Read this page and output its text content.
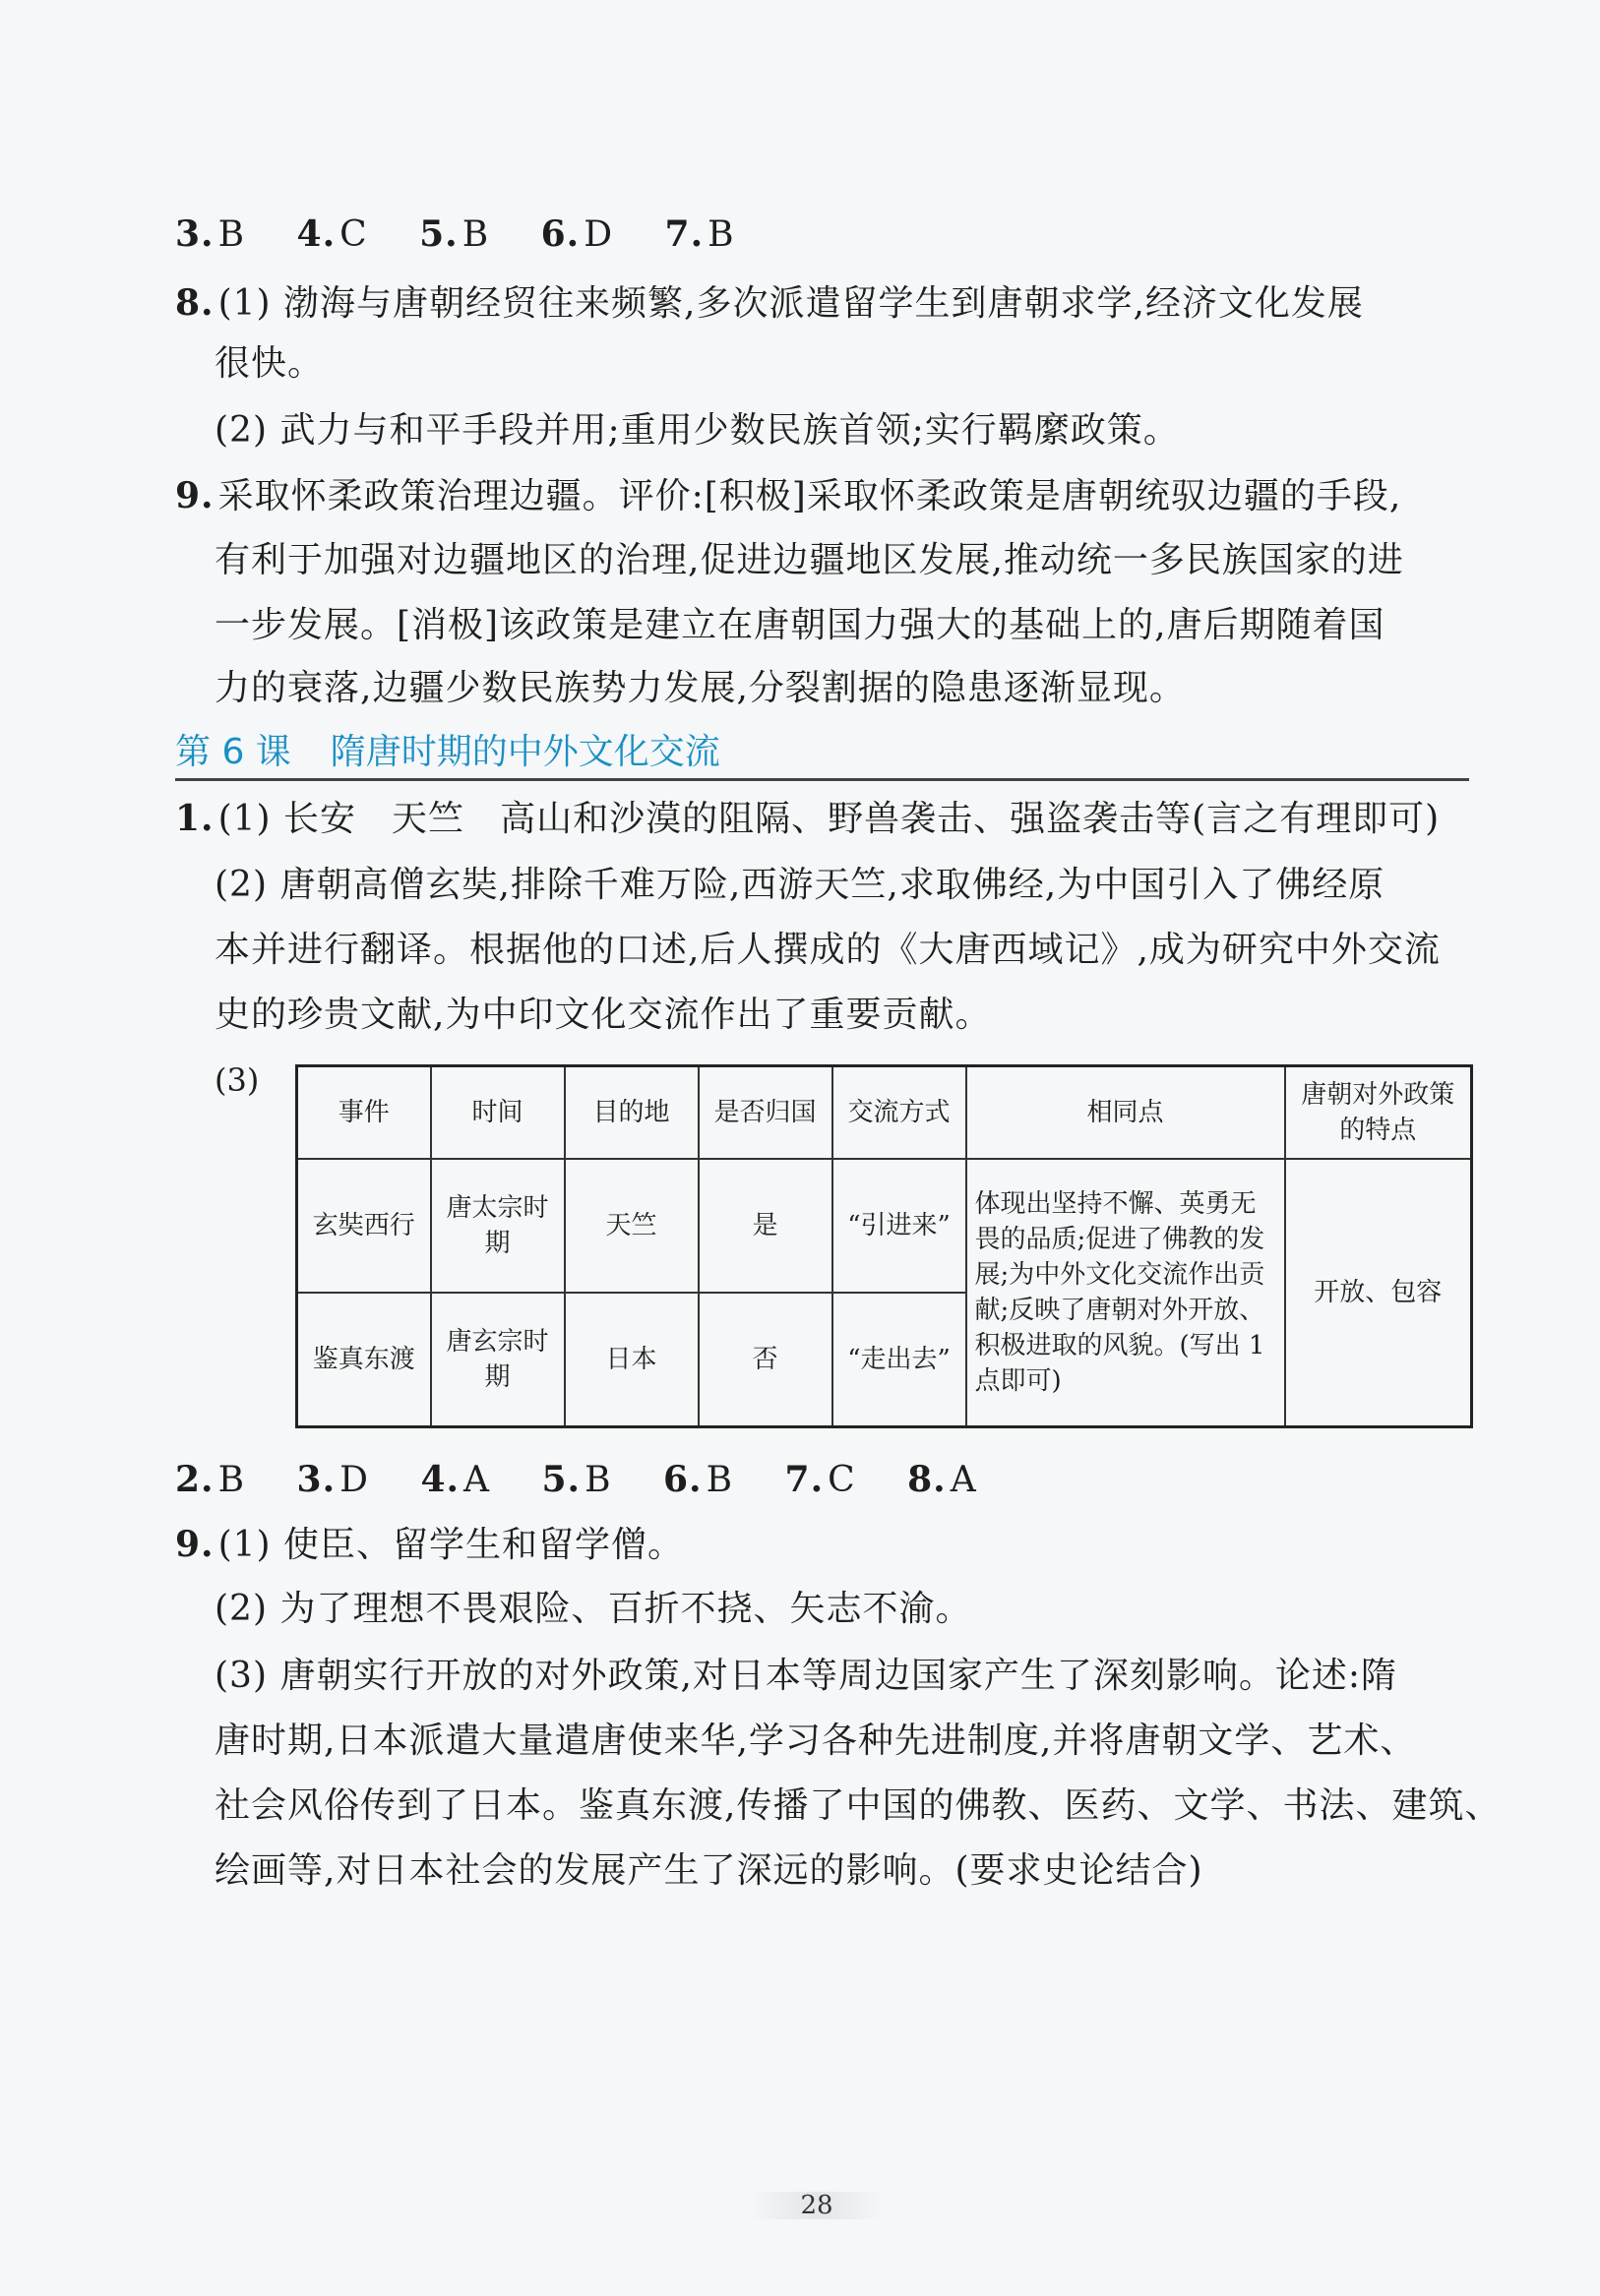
3. B 4. C 5. B 6. D 7. B
8. (1) 渤海与唐朝经贸往来频繁,多次派遣留学生到唐朝求学,经济文化发展
很快。
(2) 武力与和平手段并用;重用少数民族首领;实行羁縻政策。
9. 采取怀柔政策治理边疆。评价:[积极]采取怀柔政策是唐朝统驭边疆的手段,
有利于加强对边疆地区的治理,促进边疆地区发展,推动统一多民族国家的进
一步发展。[消极]该政策是建立在唐朝国力强大的基础上的,唐后期随着国
力的衰落,边疆少数民族势力发展,分裂割据的隐患逐渐显现。
第 6 课 隋唐时期的中外文化交流
1. (1) 长安 天竺 高山和沙漠的阻隔、野兽袭击、强盗袭击等(言之有理即可)
(2) 唐朝高僧玄奘,排除千难万险,西游天竺,求取佛经,为中国引入了佛经原
本并进行翻译。根据他的口述,后人撰成的《大唐西域记》,成为研究中外交流
史的珍贵文献,为中印文化交流作出了重要贡献。
(3)
事件	时间	目的地	是否归国	交流方式	相同点	唐朝对外政策的特点
玄奘西行	唐太宗时期	天竺	是	“引进来”	体现出坚持不懈、英勇无畏的品质;促进了佛教的发展;为中外文化交流作出贡献;反映了唐朝对外开放、积极进取的风貌。(写出 1 点即可)	开放、包容
鉴真东渡	唐玄宗时期	日本	否	“走出去”		
2. B 3. D 4. A 5. B 6. B 7. C 8. A
9. (1) 使臣、留学生和留学僧。
(2) 为了理想不畏艰险、百折不挠、矢志不渝。
(3) 唐朝实行开放的对外政策,对日本等周边国家产生了深刻影响。论述:隋
唐时期,日本派遣大量遣唐使来华,学习各种先进制度,并将唐朝文学、艺术、
社会风俗传到了日本。鉴真东渡,传播了中国的佛教、医药、文学、书法、建筑、
绘画等,对日本社会的发展产生了深远的影响。(要求史论结合)
28
